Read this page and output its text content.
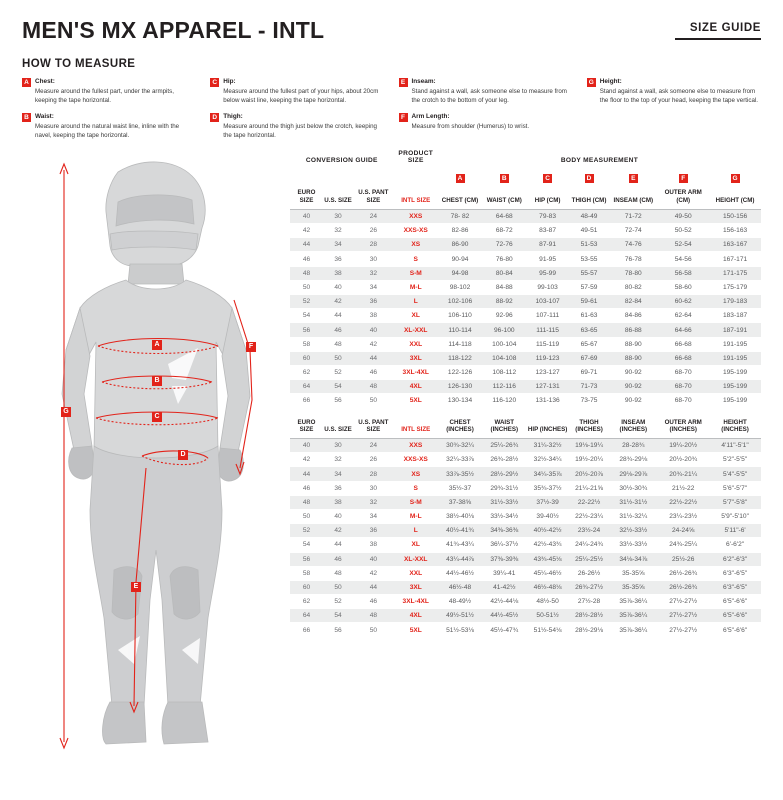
MEN'S MX APPAREL - INTL	SIZE GUIDE
HOW TO MEASURE
A Chest:
Measure around the fullest part, under the armpits, keeping the tape horizontal.
B Waist:
Measure around the natural waist line, inline with the navel, keeping the tape horizontal.
C Hip:
Measure around the fullest part of your hips, about 20cm below waist line, keeping the tape horizontal.
D Thigh:
Measure around the thigh just below the crotch, keeping the tape horizontal.
E Inseam:
Stand against a wall, ask someone else to measure from the crotch to the bottom of your leg.
F	Arm Length:
Measure from shoulder (Humerus) to wrist.
G Height:
Stand against a wall, ask someone else to measure from the floor to the top of your head, keeping the tape vertical.
A
B
C
D
E
F
G
CONVERSION GUIDE			PRODUCT SIZE	BODY MEASUREMENT						
				A	B	C	D	E	F	G
EURO SIZE	U.S. SIZE	U.S. PANT SIZE	INTL SIZE	CHEST (CM)	WAIST (CM)	HIP (CM)	THIGH (CM)	INSEAM (CM)	OUTER ARM (CM)	HEIGHT (CM)
40	30	24	XXS	78- 82	64-68	79-83	48-49	71-72	49-50	150-156
42	32	26	XXS-XS	82-86	68-72	83-87	49-51	72-74	50-52	156-163
44	34	28	XS	86-90	72-76	87-91	51-53	74-76	52-54	163-167
46	36	30	S	90-94	76-80	91-95	53-55	76-78	54-56	167-171
48	38	32	S-M	94-98	80-84	95-99	55-57	78-80	56-58	171-175
50	40	34	M-L	98-102	84-88	99-103	57-59	80-82	58-60	175-179
52	42	36	L	102-106	88-92	103-107	59-61	82-84	60-62	179-183
54	44	38	XL	106-110	92-96	107-111	61-63	84-86	62-64	183-187
56	46	40	XL-XXL	110-114	96-100	111-115	63-65	86-88	64-66	187-191
58	48	42	XXL	114-118	100-104	115-119	65-67	88-90	66-68	191-195
60	50	44	3XL	118-122	104-108	119-123	67-69	88-90	66-68	191-195
62	52	46	3XL-4XL	122-126	108-112	123-127	69-71	90-92	68-70	195-199
64	54	48	4XL	126-130	112-116	127-131	71-73	90-92	68-70	195-199
66	56	50	5XL	130-134	116-120	131-136	73-75	90-92	68-70	195-199
EURO SIZE	U.S. SIZE	U.S. PANT SIZE	INTL SIZE	CHEST (INCHES)	WAIST (INCHES)	HIP (INCHES)	THIGH (INCHES)	INSEAM (INCHES)	OUTER ARM (INCHES)	HEIGHT (INCHES)
40	30	24	XXS	30¾-32¼	25¼-26¾	31¼-32½	19⅛-19¼	28-28¾	19¼-20½	4'11"-5'1"
42	32	26	XXS-XS	32¼-33⅞	26¾-28½	32½-34¼	19½-20¼	28¾-29⅛	20½-20¾	5'2"-5'5"
44	34	28	XS	33⅞-35½	28½-29½	34¼-35⅞	20½-20⅞	29⅛-29⅞	20¾-21¼	5'4"-5'5"
46	36	30	S	35½-37	29¾-31½	35¾-37½	21¼-21⅝	30½-30¾	21½-22	5'6"-5'7"
48	38	32	S-M	37-38⅝	31½-33½	37½-39	22-22½	31½-31½	22½-22½	5'7"-5'8"
50	40	34	M-L	38½-40⅛	33½-34½	39-40½	22½-23¼	31½-32¼	23¼-23½	5'9"-5'10"
52	42	36	L	40½-41¾	34⅜-36⅜	40½-42½	23½-24	32½-33½	24-24⅝	5'11"-6'
54	44	38	XL	41¾-43¼	36¼-37½	42½-43¾	24¼-24¾	33½-33½	24¾-25¼	6'-6'2"
56	46	40	XL-XXL	43¼-44⅞	37⅜-39⅜	43¾-45⅛	25¼-25½	34⅛-34⅞	25½-26	6'2"-6'3"
58	48	42	XXL	44½-46½	39¼-41	45¼-46½	26-26½	35-35⅝	26½-26¾	6'3"-6'5"
60	50	44	3XL	46½-48	41-42½	46½-48⅛	26¾-27½	35-35⅝	26½-26¾	6'3"-6'5"
62	52	46	3XL-4XL	48-49½	42½-44⅛	48½-50	27½-28	35⅞-36¼	27½-27½	6'5"-6'6"
64	54	48	4XL	49½-51½	44½-45½	50-51½	28½-28½	35⅞-36¼	27½-27½	6'5"-6'6"
66	56	50	5XL	51½-53⅛	45½-47¾	51½-54⅛	28½-29⅛	35⅞-36¼	27½-27½	6'5"-6'6"
